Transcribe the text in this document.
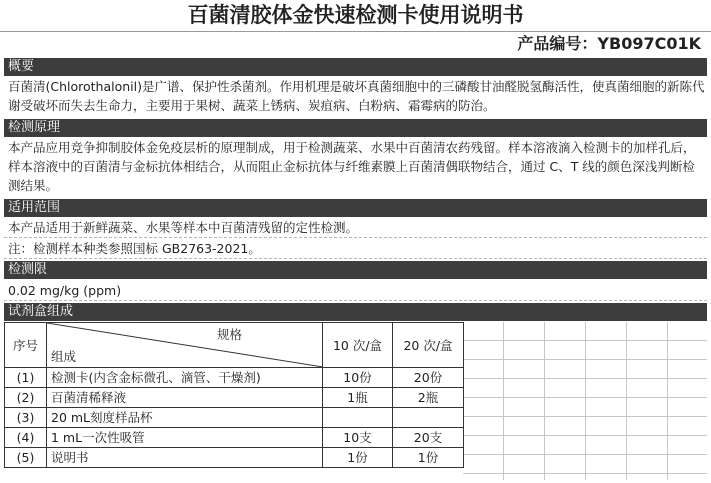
百菌清胶体金快速检测卡使用说明书
产品编号：YB097C01K
概要
百菌清(Chlorothalonil)是广谱、保护性杀菌剂。作用机理是破坏真菌细胞中的三磷酸甘油醛脱氢酶活性，使真菌细胞的新陈代谢受破坏而失去生命力，主要用于果树、蔬菜上锈病、炭疽病、白粉病、霜霉病的防治。
检测原理
本产品应用竞争抑制胶体金免疫层析的原理制成，用于检测蔬菜、水果中百菌清农药残留。样本溶液滴入检测卡的加样孔后，样本溶液中的百菌清与金标抗体相结合，从而阻止金标抗体与纤维素膜上百菌清偶联物结合，通过 C、T 线的颜色深浅判断检测结果。
适用范围
本产品适用于新鲜蔬菜、水果等样本中百菌清残留的定性检测。
注：检测样本种类参照国标 GB2763-2021。
检测限
0.02 mg/kg (ppm)
试剂盒组成
序号	规格
组成	10 次/盒	20 次/盒
(1)	检测卡(内含金标微孔、滴管、干燥剂)	10份	20份
(2)	百菌清稀释液	1瓶	2瓶
(3)	20 mL刻度样品杯		
(4)	1 mL一次性吸管	10支	20支
(5)	说明书	1份	1份
